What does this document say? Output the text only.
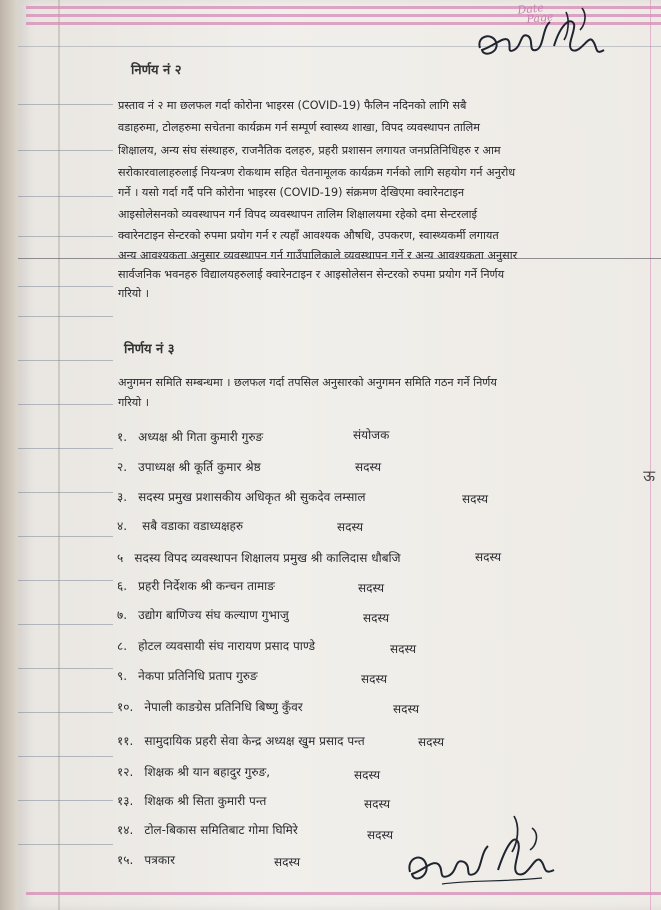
Date
Page
निर्णय नं २
प्रस्ताव नं २ मा छलफल गर्दा कोरोना भाइरस (COVID-19) फैलिन नदिनको लागि सबै
वडाहरुमा, टोलहरुमा सचेतना कार्यक्रम गर्न सम्पूर्ण स्वास्थ्य शाखा, विपद व्यवस्थापन तालिम
शिक्षालय, अन्य संघ संस्थाहरु, राजनैतिक दलहरु, प्रहरी प्रशासन लगायत जनप्रतिनिधिहरु र आम
सरोकारवालाहरुलाई नियन्त्रण रोकथाम सहित चेतनामूलक कार्यक्रम गर्नको लागि सहयोग गर्न अनुरोध
गर्ने । यसो गर्दा गर्दै पनि कोरोना भाइरस (COVID-19) संक्रमण देखिएमा क्वारेनटाइन
आइसोलेसनको व्यवस्थापन गर्न विपद व्यवस्थापन तालिम शिक्षालयमा रहेको दमा सेन्टरलाई
क्वारेनटाइन सेन्टरको रुपमा प्रयोग गर्न र त्यहाँ आवश्यक औषधि, उपकरण, स्वास्थ्यकर्मी लगायत
अन्य आवश्यकता अनुसार व्यवस्थापन गर्न गाउँपालिकाले व्यवस्थापन गर्ने र अन्य आवश्यकता अनुसार
सार्वजनिक भवनहरु विद्यालयहरुलाई क्वारेनटाइन र आइसोलेसन सेन्टरको रुपमा प्रयोग गर्ने निर्णय
गरियो ।
निर्णय नं ३
अनुगमन समिति सम्बन्धमा । छलफल गर्दा तपसिल अनुसारको अनुगमन समिति गठन गर्ने निर्णय
गरियो ।
१. अध्यक्ष श्री गिता कुमारी गुरुङ	संयोजक
२. उपाध्यक्ष श्री कूर्ति कुमार श्रेष्ठ	सदस्य
३. सदस्य प्रमुख प्रशासकीय अधिकृत श्री सुकदेव लम्साल	सदस्य
४. सबै वडाका वडाध्यक्षहरु	सदस्य
५ सदस्य विपद व्यवस्थापन शिक्षालय प्रमुख श्री कालिदास धौबजि	सदस्य
६. प्रहरी निर्देशक श्री कन्चन तामाङ	सदस्य
७. उद्योग बाणिज्य संघ कल्याण गुभाजु	सदस्य
८. होटल व्यवसायी संघ नारायण प्रसाद पाण्डे	सदस्य
९. नेकपा प्रतिनिधि प्रताप गुरुङ	सदस्य
१०. नेपाली काङग्रेस प्रतिनिधि बिष्णु कुँवर	सदस्य
११. सामुदायिक प्रहरी सेवा केन्द्र अध्यक्ष खुम प्रसाद पन्त	सदस्य
१२. शिक्षक श्री यान बहादुर गुरुङ,	सदस्य
१३. शिक्षक श्री सिता कुमारी पन्त	सदस्य
१४. टोल-बिकास समितिबाट गोमा घिमिरे	सदस्य
१५. पत्रकार	सदस्य
ऊ
